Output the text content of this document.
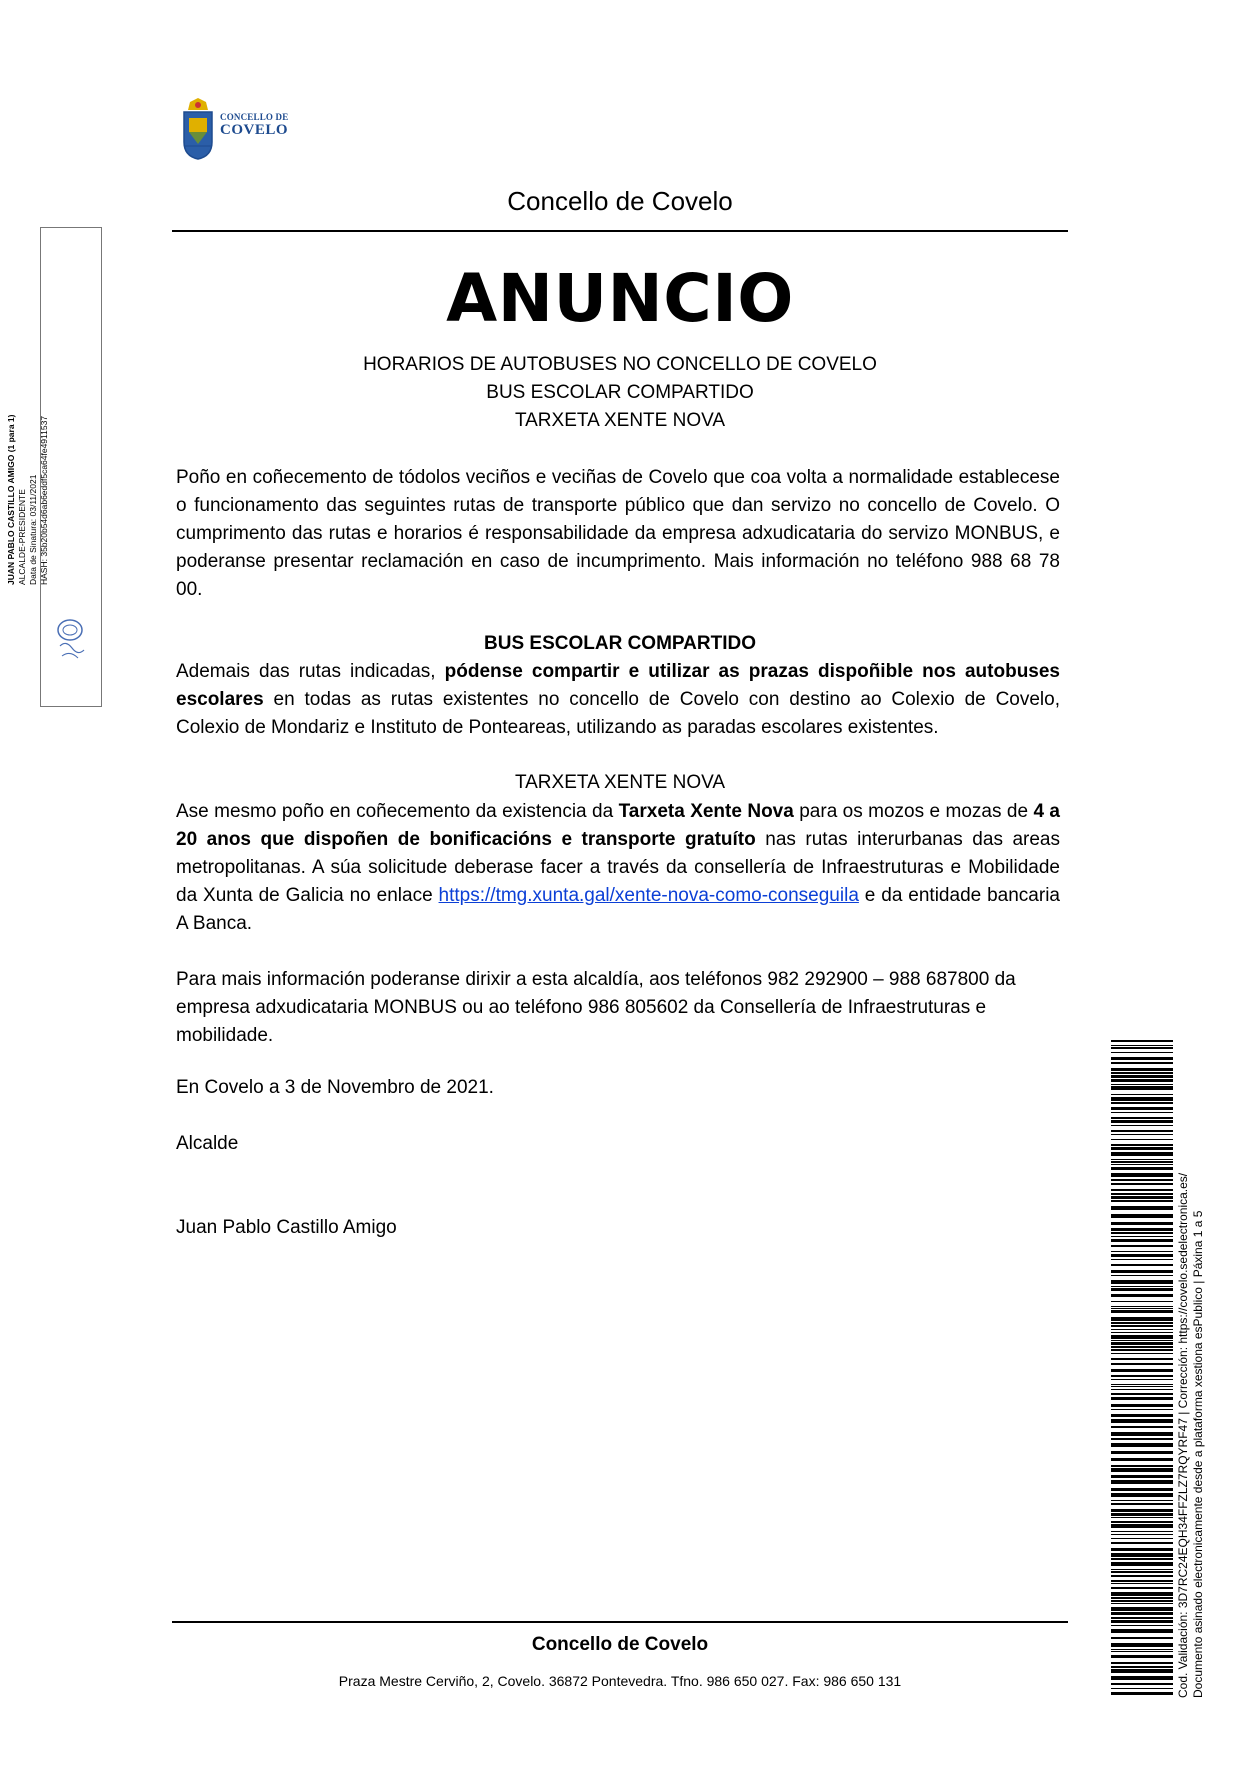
CONCELLO DE
COVELO
Concello de Covelo
ANUNCIO
HORARIOS DE AUTOBUSES NO CONCELLO DE COVELO
BUS ESCOLAR COMPARTIDO
TARXETA XENTE NOVA
Poño en coñecemento de tódolos veciños e veciñas de Covelo que coa volta a normalidade establecese o funcionamento das seguintes rutas de transporte público que dan servizo no concello de Covelo. O cumprimento das rutas e horarios é responsabilidade da empresa adxudicataria do servizo MONBUS, e poderanse presentar reclamación en caso de incumprimento. Mais información no teléfono 988 68 78 00.
BUS ESCOLAR COMPARTIDO
Ademais das rutas indicadas, pódense compartir e utilizar as prazas dispoñible nos autobuses escolares en todas as rutas existentes no concello de Covelo con destino ao Colexio de Covelo, Colexio de Mondariz e Instituto de Ponteareas, utilizando as paradas escolares existentes.
TARXETA XENTE NOVA
Ase mesmo poño en coñecemento da existencia da Tarxeta Xente Nova para os mozos e mozas de 4 a 20 anos que dispoñen de bonificacións e transporte gratuíto nas rutas interurbanas das areas metropolitanas. A súa solicitude deberase facer a través da consellería de Infraestruturas e Mobilidade da Xunta de Galicia no enlace https://tmg.xunta.gal/xente-nova-como-conseguila e da entidade bancaria A Banca.
Para mais información poderanse dirixir a esta alcaldía, aos teléfonos 982 292900 – 988 687800 da empresa adxudicataria MONBUS ou ao teléfono 986 805602 da Consellería de Infraestruturas e mobilidade.
En Covelo a 3 de Novembro de 2021.
Alcalde
Juan Pablo Castillo Amigo
Concello de Covelo
Praza Mestre Cerviño, 2, Covelo. 36872 Pontevedra. Tfno. 986 650 027. Fax: 986 650 131
JUAN PABLO CASTILLO AMIGO (1 para 1) ALCALDE-PRESIDENTE Data de Sinatura: 03/11/2021 HASH: 35b20b54d6ab6eddf5ca64fe4911537
Cod. Validación: 3D7RC24EQH34FFZLZ7RQYRF47 | Corrección: https://covelo.sedelectronica.es/ Documento asinado electronicamente desde a plataforma xestiona esPublico | Páxina 1 a 5
